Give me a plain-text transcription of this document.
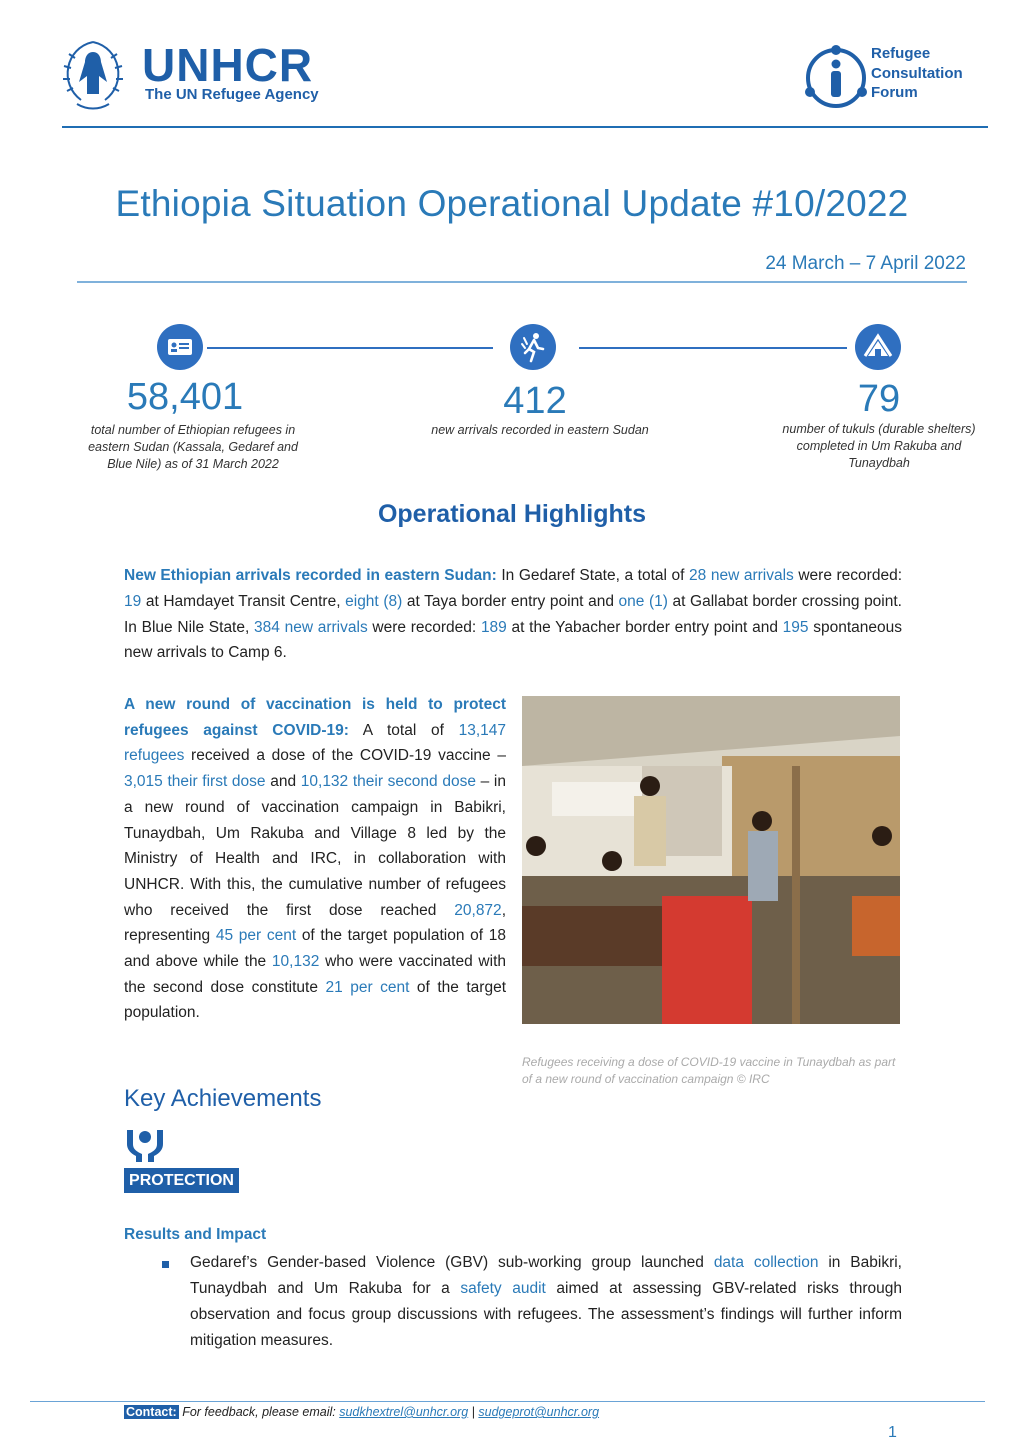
UNHCR
The UN Refugee Agency
Refugee
Consultation
Forum
Ethiopia Situation Operational Update #10/2022
24 March – 7 April 2022
58,401
total number of Ethiopian refugees in eastern Sudan (Kassala, Gedaref and Blue Nile) as of 31 March 2022
412
new arrivals recorded in eastern Sudan
79
number of tukuls (durable shelters) completed in Um Rakuba and Tunaydbah
Operational Highlights
New Ethiopian arrivals recorded in eastern Sudan: In Gedaref State, a total of 28 new arrivals were recorded: 19 at Hamdayet Transit Centre, eight (8) at Taya border entry point and one (1) at Gallabat border crossing point. In Blue Nile State, 384 new arrivals were recorded: 189 at the Yabacher border entry point and 195 spontaneous new arrivals to Camp 6.
A new round of vaccination is held to protect refugees against COVID-19: A total of 13,147 refugees received a dose of the COVID-19 vaccine – 3,015 their first dose and 10,132 their second dose – in a new round of vaccination campaign in Babikri, Tunaydbah, Um Rakuba and Village 8 led by the Ministry of Health and IRC, in collaboration with UNHCR. With this, the cumulative number of refugees who received the first dose reached 20,872, representing 45 per cent of the target population of 18 and above while the 10,132 who were vaccinated with the second dose constitute 21 per cent of the target population.
Refugees receiving a dose of COVID-19 vaccine in Tunaydbah as part of a new round of vaccination campaign © IRC
Key Achievements
PROTECTION
Results and Impact
Gedaref’s Gender-based Violence (GBV) sub-working group launched data collection in Babikri, Tunaydbah and Um Rakuba for a safety audit aimed at assessing GBV-related risks through observation and focus group discussions with refugees. The assessment’s findings will further inform mitigation measures.
Contact: For feedback, please email: sudkhextrel@unhcr.org | sudgeprot@unhcr.org
1
